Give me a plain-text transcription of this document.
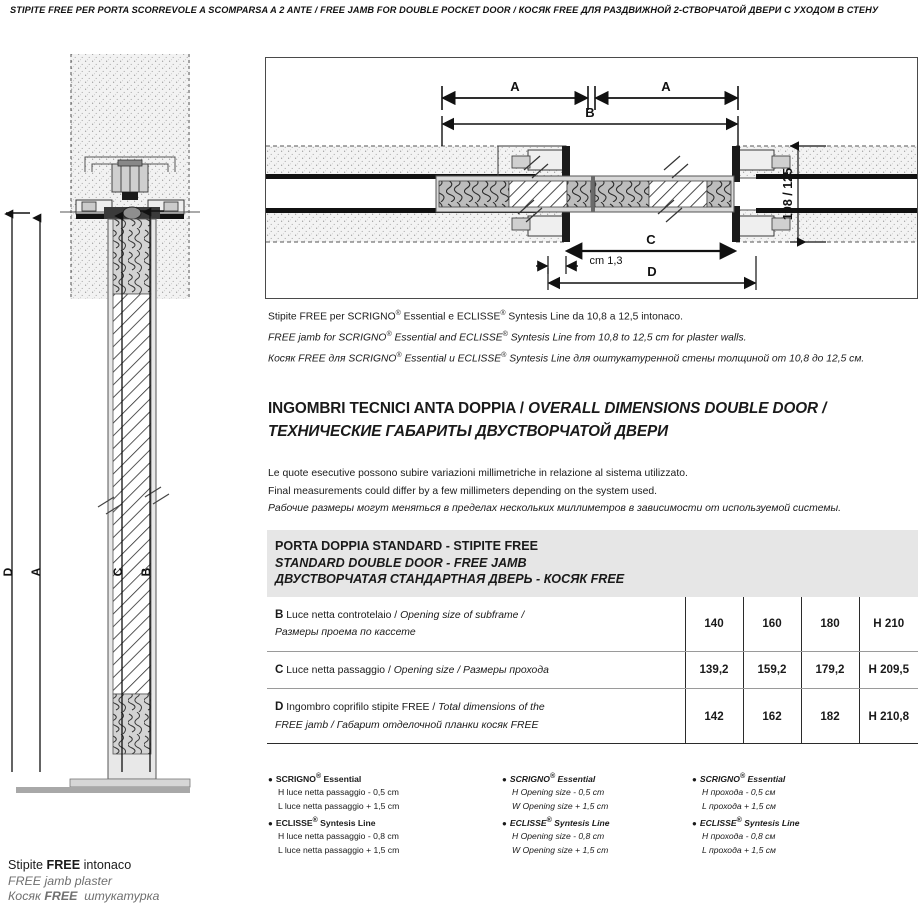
STIPITE FREE PER PORTA SCORREVOLE A SCOMPARSA A 2 ANTE / FREE JAMB FOR DOUBLE POCKET DOOR / КОСЯК FREE ДЛЯ РАЗДВИЖНОЙ 2-СТВОРЧАТОЙ ДВЕРИ С УХОДОМ В СТЕНУ
D A	C B
Stipite FREE intonaco
FREE jamb plaster
Косяк FREE  штукатурка
A	A
B
C
cm 1,3
D
108 / 125
Stipite FREE per SCRIGNO® Essential e ECLISSE® Syntesis Line da 10,8 a 12,5 intonaco.
FREE jamb for SCRIGNO® Essential and ECLISSE® Syntesis Line from 10,8 to 12,5 cm for plaster walls.
Косяк FREE для SCRIGNO® Essential и ECLISSE® Syntesis Line для оштукатуренной стены толщиной от 10,8 до 12,5 см.
INGOMBRI TECNICI ANTA DOPPIA / OVERALL DIMENSIONS DOUBLE DOOR /
ТЕХНИЧЕСКИЕ ГАБАРИТЫ ДВУСТВОРЧАТОЙ ДВЕРИ
Le quote esecutive possono subire variazioni millimetriche in relazione al sistema utilizzato.
Final measurements could differ by a few millimeters depending on the system used.
Рабочие размеры могут меняться в пределах нескольких миллиметров в зависимости от используемой системы.
PORTA DOPPIA STANDARD - STIPITE FREE
STANDARD DOUBLE DOOR - FREE JAMB
ДВУСТВОРЧАТАЯ СТАНДАРТНАЯ ДВЕРЬ - КОСЯК FREE				

B Luce netta controtelaio / Opening size of subframe /
Размеры проема по кассете	140	160	180	H 210

C Luce netta passaggio / Opening size / Размеры прохода	139,2	159,2	179,2	H 209,5

D Ingombro coprifilo stipite FREE / Total dimensions of the
FREE jamb / Габарит отделочной планки косяк FREE	142	162	182	H 210,8
● SCRIGNO® Essential
H luce netta passaggio - 0,5 cm
L luce netta passaggio + 1,5 cm
● ECLISSE® Syntesis Line
H luce netta passaggio - 0,8 cm
L luce netta passaggio + 1,5 cm
● SCRIGNO® Essential
H Opening size - 0,5 cm
W Opening size + 1,5 cm
● ECLISSE® Syntesis Line
H Opening size - 0,8 cm
W Opening size + 1,5 cm
● SCRIGNO® Essential
H прохода - 0,5 см
L прохода + 1,5 см
● ECLISSE® Syntesis Line
H прохода - 0,8 см
L прохода + 1,5 см
